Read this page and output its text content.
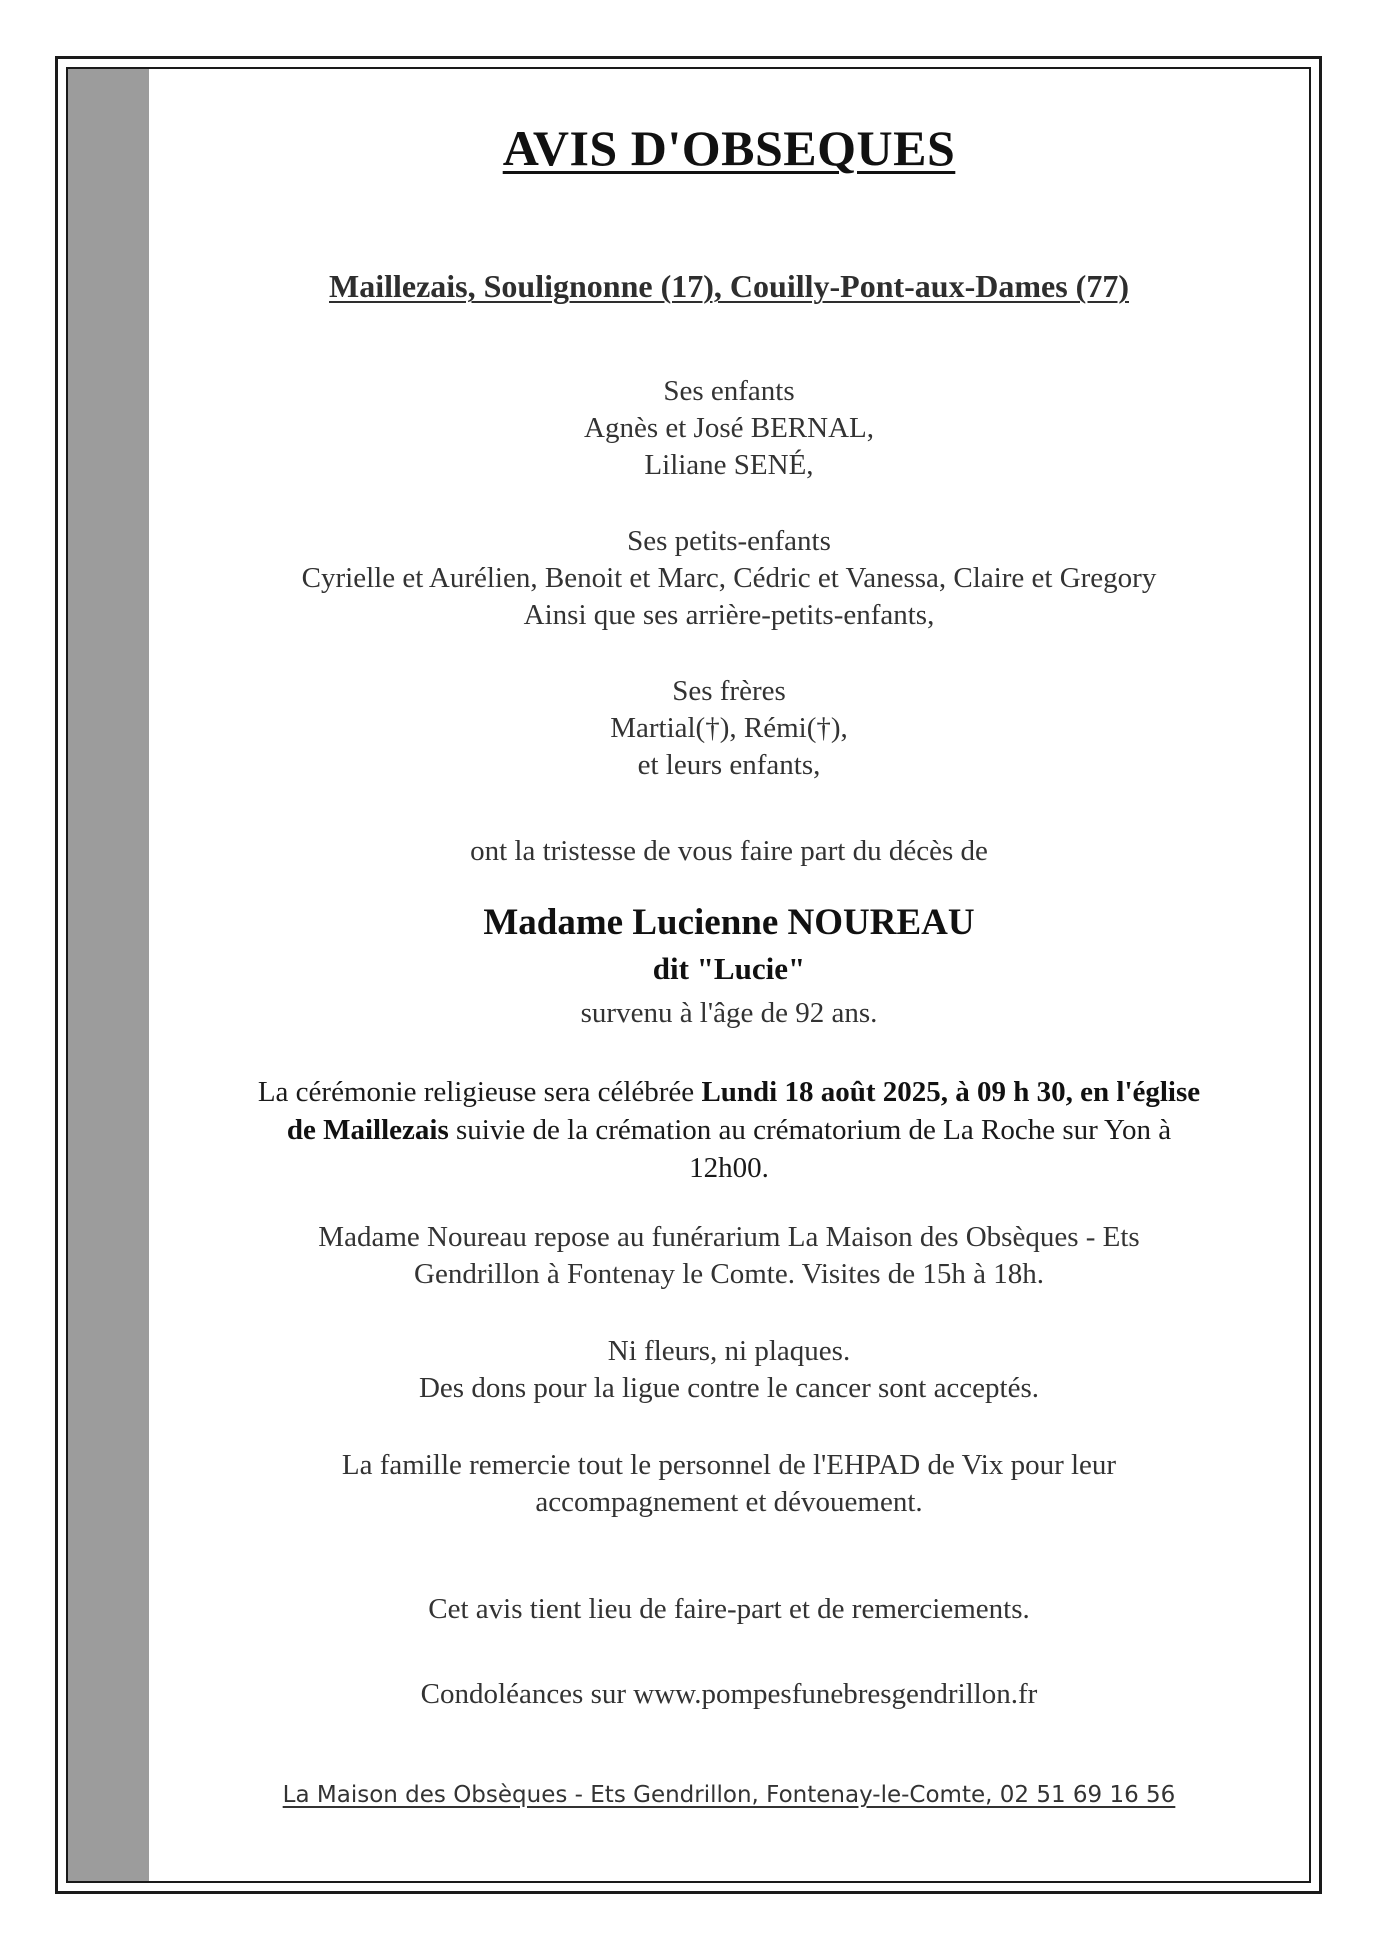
AVIS D'OBSEQUES
Maillezais, Soulignonne (17), Couilly-Pont-aux-Dames (77)
Ses enfants
Agnès et José BERNAL,
Liliane SENÉ,
Ses petits-enfants
Cyrielle et Aurélien, Benoit et Marc, Cédric et Vanessa, Claire et Gregory
Ainsi que ses arrière-petits-enfants,
Ses frères
Martial(†), Rémi(†),
et leurs enfants,
ont la tristesse de vous faire part du décès de
Madame Lucienne NOUREAU
dit "Lucie"
survenu à l'âge de 92 ans.
La cérémonie religieuse sera célébrée Lundi 18 août 2025, à 09 h 30, en l'église
de Maillezais suivie de la crémation au crématorium de La Roche sur Yon à
12h00.
Madame Noureau repose au funérarium La Maison des Obsèques - Ets
Gendrillon à Fontenay le Comte. Visites de 15h à 18h.
Ni fleurs, ni plaques.
Des dons pour la ligue contre le cancer sont acceptés.
La famille remercie tout le personnel de l'EHPAD de Vix pour leur
accompagnement et dévouement.
Cet avis tient lieu de faire-part et de remerciements.
Condoléances sur www.pompesfunebresgendrillon.fr
La Maison des Obsèques - Ets Gendrillon, Fontenay-le-Comte, 02 51 69 16 56
